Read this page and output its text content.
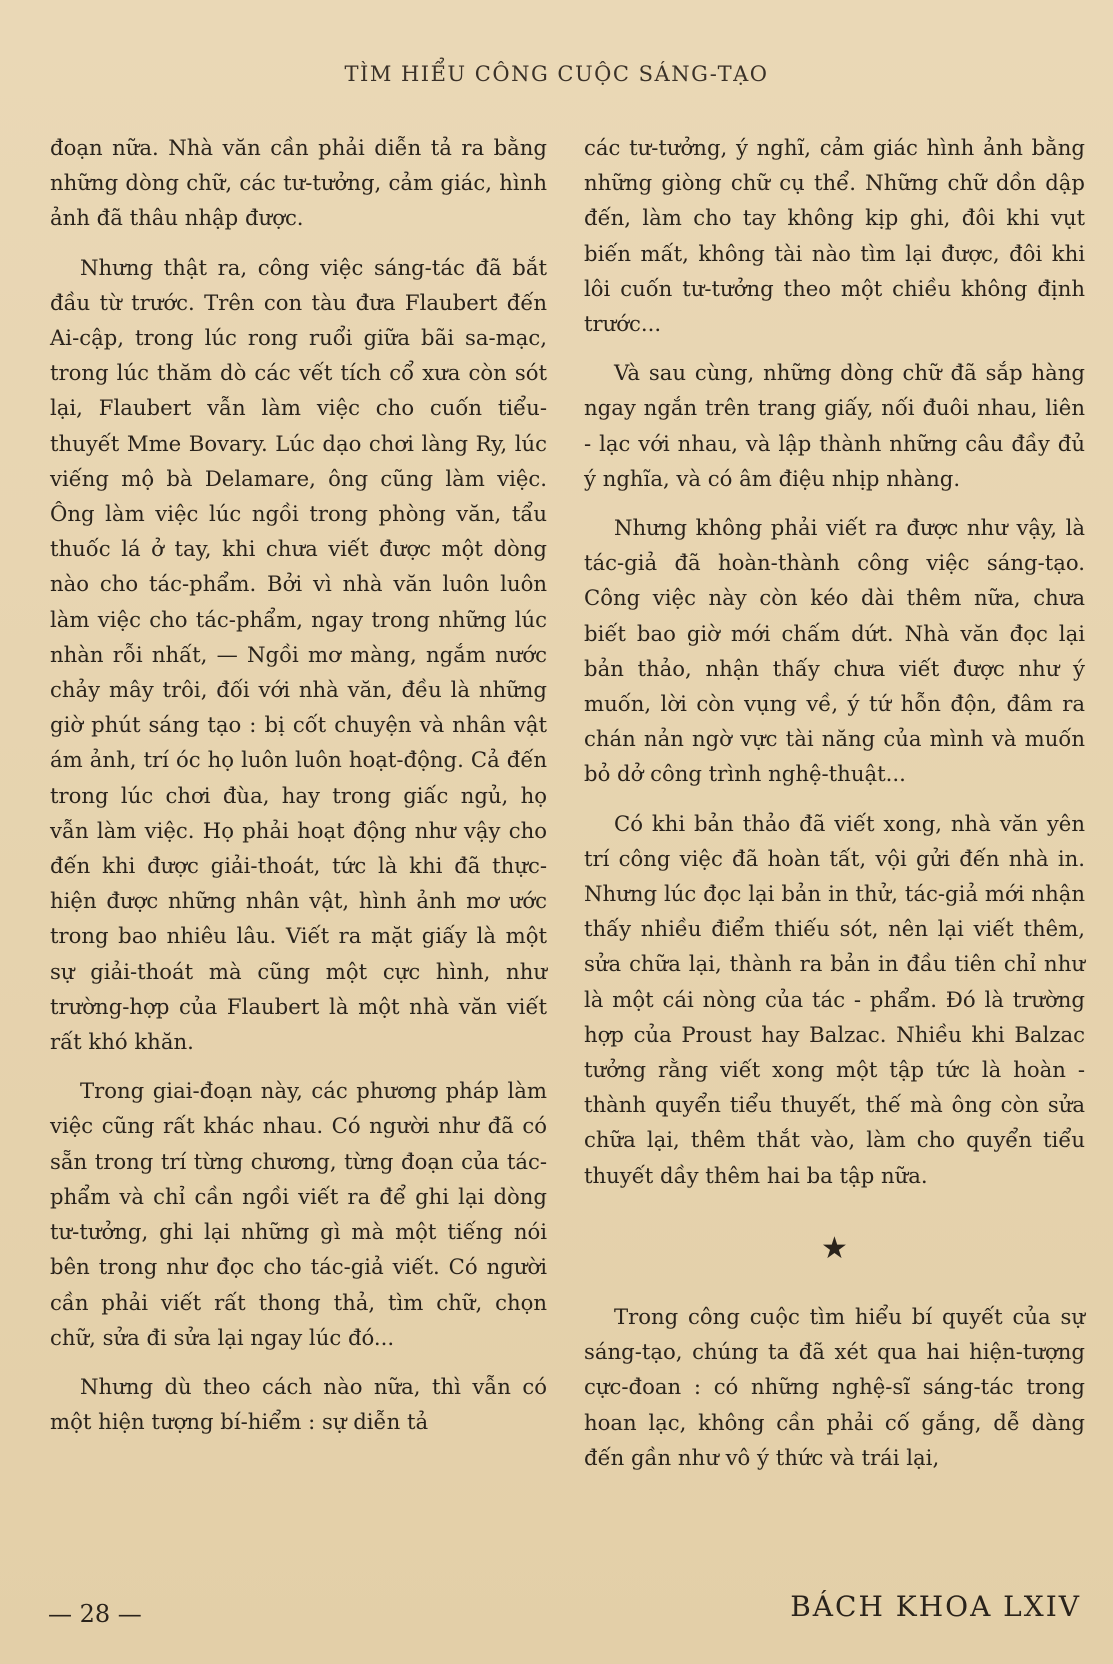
TÌM HIỂU CÔNG CUỘC SÁNG-TẠO

đoạn nữa. Nhà văn cần phải diễn tả ra bằng những dòng chữ, các tư-tưởng, cảm giác, hình ảnh đã thâu nhập được.

Nhưng thật ra, công việc sáng-tác đã bắt đầu từ trước. Trên con tàu đưa Flaubert đến Ai-cập, trong lúc rong ruổi giữa bãi sa-mạc, trong lúc thăm dò các vết tích cổ xưa còn sót lại, Flaubert vẫn làm việc cho cuốn tiểu-thuyết Mme Bovary. Lúc dạo chơi làng Ry, lúc viếng mộ bà Delamare, ông cũng làm việc. Ông làm việc lúc ngồi trong phòng văn, tẩu thuốc lá ở tay, khi chưa viết được một dòng nào cho tác-phẩm. Bởi vì nhà văn luôn luôn làm việc cho tác-phẩm, ngay trong những lúc nhàn rỗi nhất, — Ngồi mơ màng, ngắm nước chảy mây trôi, đối với nhà văn, đều là những giờ phút sáng tạo : bị cốt chuyện và nhân vật ám ảnh, trí óc họ luôn luôn hoạt-động. Cả đến trong lúc chơi đùa, hay trong giấc ngủ, họ vẫn làm việc. Họ phải hoạt động như vậy cho đến khi được giải-thoát, tức là khi đã thực-hiện được những nhân vật, hình ảnh mơ ước trong bao nhiêu lâu. Viết ra mặt giấy là một sự giải-thoát mà cũng một cực hình, như trường-hợp của Flaubert là một nhà văn viết rất khó khăn.

Trong giai-đoạn này, các phương pháp làm việc cũng rất khác nhau. Có người như đã có sẵn trong trí từng chương, từng đoạn của tác-phẩm và chỉ cần ngồi viết ra để ghi lại dòng tư-tưởng, ghi lại những gì mà một tiếng nói bên trong như đọc cho tác-giả viết. Có người cần phải viết rất thong thả, tìm chữ, chọn chữ, sửa đi sửa lại ngay lúc đó...

Nhưng dù theo cách nào nữa, thì vẫn có một hiện tượng bí-hiểm : sự diễn tả

các tư-tưởng, ý nghĩ, cảm giác hình ảnh bằng những giòng chữ cụ thể. Những chữ dồn dập đến, làm cho tay không kịp ghi, đôi khi vụt biến mất, không tài nào tìm lại được, đôi khi lôi cuốn tư-tưởng theo một chiều không định trước...

Và sau cùng, những dòng chữ đã sắp hàng ngay ngắn trên trang giấy, nối đuôi nhau, liên - lạc với nhau, và lập thành những câu đầy đủ ý nghĩa, và có âm điệu nhịp nhàng.

Nhưng không phải viết ra được như vậy, là tác-giả đã hoàn-thành công việc sáng-tạo. Công việc này còn kéo dài thêm nữa, chưa biết bao giờ mới chấm dứt. Nhà văn đọc lại bản thảo, nhận thấy chưa viết được như ý muốn, lời còn vụng về, ý tứ hỗn độn, đâm ra chán nản ngờ vực tài năng của mình và muốn bỏ dở công trình nghệ-thuật...

Có khi bản thảo đã viết xong, nhà văn yên trí công việc đã hoàn tất, vội gửi đến nhà in. Nhưng lúc đọc lại bản in thử, tác-giả mới nhận thấy nhiều điểm thiếu sót, nên lại viết thêm, sửa chữa lại, thành ra bản in đầu tiên chỉ như là một cái nòng của tác - phẩm. Đó là trường hợp của Proust hay Balzac. Nhiều khi Balzac tưởng rằng viết xong một tập tức là hoàn - thành quyển tiểu thuyết, thế mà ông còn sửa chữa lại, thêm thắt vào, làm cho quyển tiểu thuyết dầy thêm hai ba tập nữa.

★

Trong công cuộc tìm hiểu bí quyết của sự sáng-tạo, chúng ta đã xét qua hai hiện-tượng cực-đoan : có những nghệ-sĩ sáng-tác trong hoan lạc, không cần phải cố gắng, dễ dàng đến gần như vô ý thức và trái lại,

— 28 —	BÁCH KHOA LXIV
